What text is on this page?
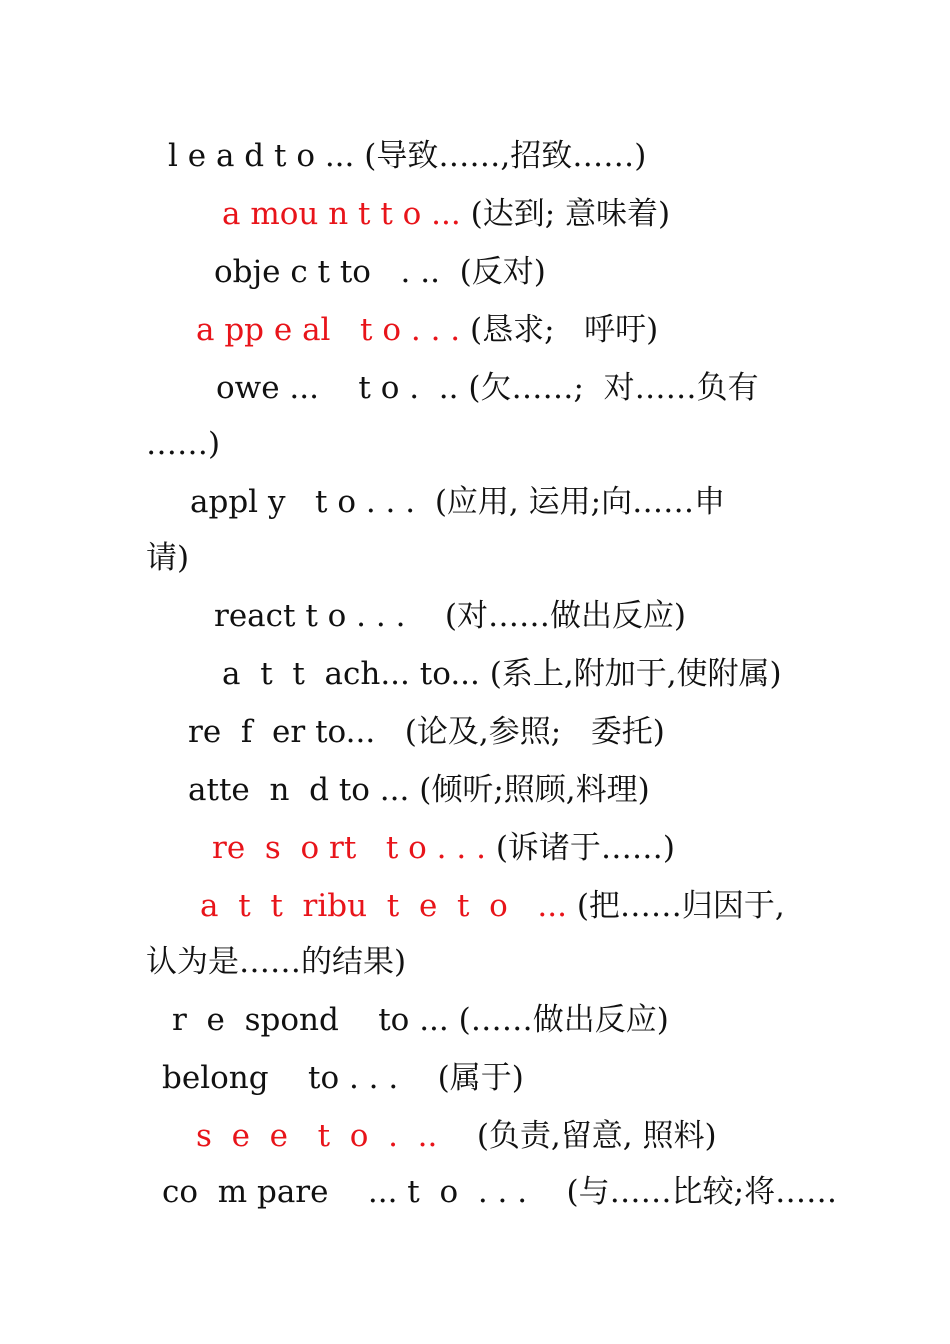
l e a d t o ... (导致……,招致……)
a mou n t t o ... (达到; 意味着)
obje c t to   . ..  (反对)
a pp e al   t o . . . (恳求;   呼吁)
owe ...    t o .  .. (欠……;  对……负有
……)
appl y   t o . . .  (应用, 运用;向……申
请)
react t o . . .    (对……做出反应)
a  t  t  ach... to... (系上,附加于,使附属)
re  f  er to...   (论及,参照;   委托)
atte  n  d to ... (倾听;照顾,料理)
re  s  o rt   t o . . . (诉诸于……)
a  t  t  ribu  t  e  t  o   ... (把……归因于,
认为是……的结果)
r  e  spond    to ... (……做出反应)
belong    to . . .    (属于)
s  e  e   t  o  .  ..    (负责,留意, 照料)
co  m pare    ... t  o  . . .    (与……比较;将……
